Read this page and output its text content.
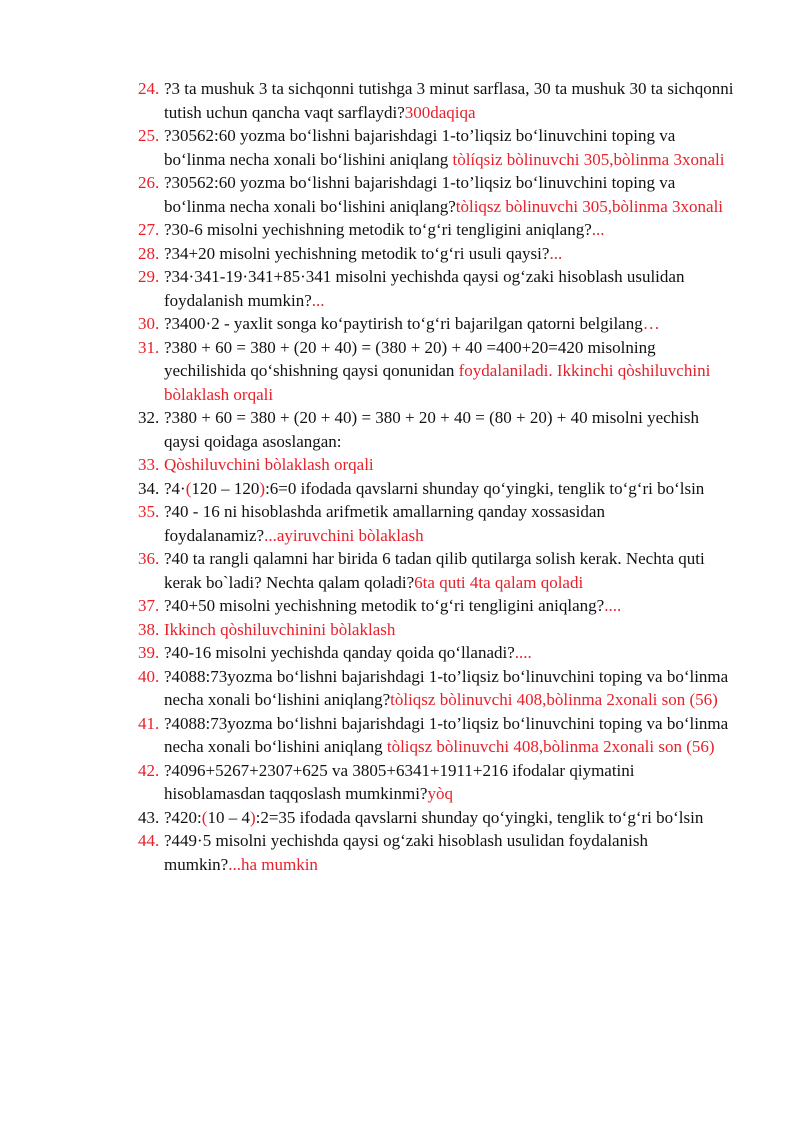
24. ?3 ta mushuk 3 ta sichqonni tutishga 3 minut sarflasa, 30 ta mushuk 30 ta sichqonni tutish uchun qancha vaqt sarflaydi?300daqiqa

25. ?30562:60 yozma bo‘lishni bajarishdagi 1-to’liqsiz bo‘linuvchini toping va bo‘linma necha xonali bo‘lishini aniqlang tòlíqsiz bòlinuvchi 305,bòlinma 3xonali

26. ?30562:60 yozma bo‘lishni bajarishdagi 1-to’liqsiz bo‘linuvchini toping va bo‘linma necha xonali bo‘lishini aniqlang?tòliqsz bòlinuvchi 305,bòlinma 3xonali

27. ?30-6 misolni yechishning metodik to‘g‘ri tengligini aniqlang?...

28. ?34+20 misolni yechishning metodik to‘g‘ri usuli qaysi?...

29. ?34·341-19·341+85·341 misolni yechishda qaysi og‘zaki hisoblash usulidan foydalanish mumkin?...

30. ?3400·2 - yaxlit songa ko‘paytirish to‘g‘ri bajarilgan qatorni belgilang…

31. ?380 + 60 = 380 + (20 + 40) = (380 + 20) + 40 =400+20=420 misolning yechilishida qo‘shishning qaysi qonunidan foydalaniladi. Ikkinchi qòshiluvchini bòlaklash orqali

32. ?380 + 60 = 380 + (20 + 40) = 380 + 20 + 40 = (80 + 20) + 40 misolni yechish qaysi qoidaga asoslangan:

33. Qòshiluvchini bòlaklash orqali

34. ?4·(120 – 120):6=0 ifodada qavslarni shunday qo‘yingki, tenglik to‘g‘ri bo‘lsin

35. ?40 - 16 ni hisoblashda arifmetik amallarning qanday xossasidan foydalanamiz?...ayiruvchini bòlaklash

36. ?40 ta rangli qalamni har birida 6 tadan qilib qutilarga solish kerak. Nechta quti kerak bo`ladi? Nechta qalam qoladi?6ta quti 4ta qalam qoladi

37. ?40+50 misolni yechishning metodik to‘g‘ri tengligini aniqlang?....

38. Ikkinch qòshiluvchinini bòlaklash

39. ?40-16 misolni yechishda qanday qoida qo‘llanadi?....

40. ?4088:73yozma bo‘lishni bajarishdagi 1-to’liqsiz bo‘linuvchini toping va bo‘linma necha xonali bo‘lishini aniqlang?tòliqsz bòlinuvchi 408,bòlinma 2xonali son (56)

41. ?4088:73yozma bo‘lishni bajarishdagi 1-to’liqsiz bo‘linuvchini toping va bo‘linma necha xonali bo‘lishini aniqlang tòliqsz bòlinuvchi 408,bòlinma 2xonali son (56)

42. ?4096+5267+2307+625 va 3805+6341+1911+216 ifodalar qiymatini hisoblamasdan taqqoslash mumkinmi?yòq

43. ?420:(10 – 4):2=35 ifodada qavslarni shunday qo‘yingki, tenglik to‘g‘ri bo‘lsin

44. ?449·5 misolni yechishda qaysi og‘zaki hisoblash usulidan foydalanish mumkin?...ha mumkin
